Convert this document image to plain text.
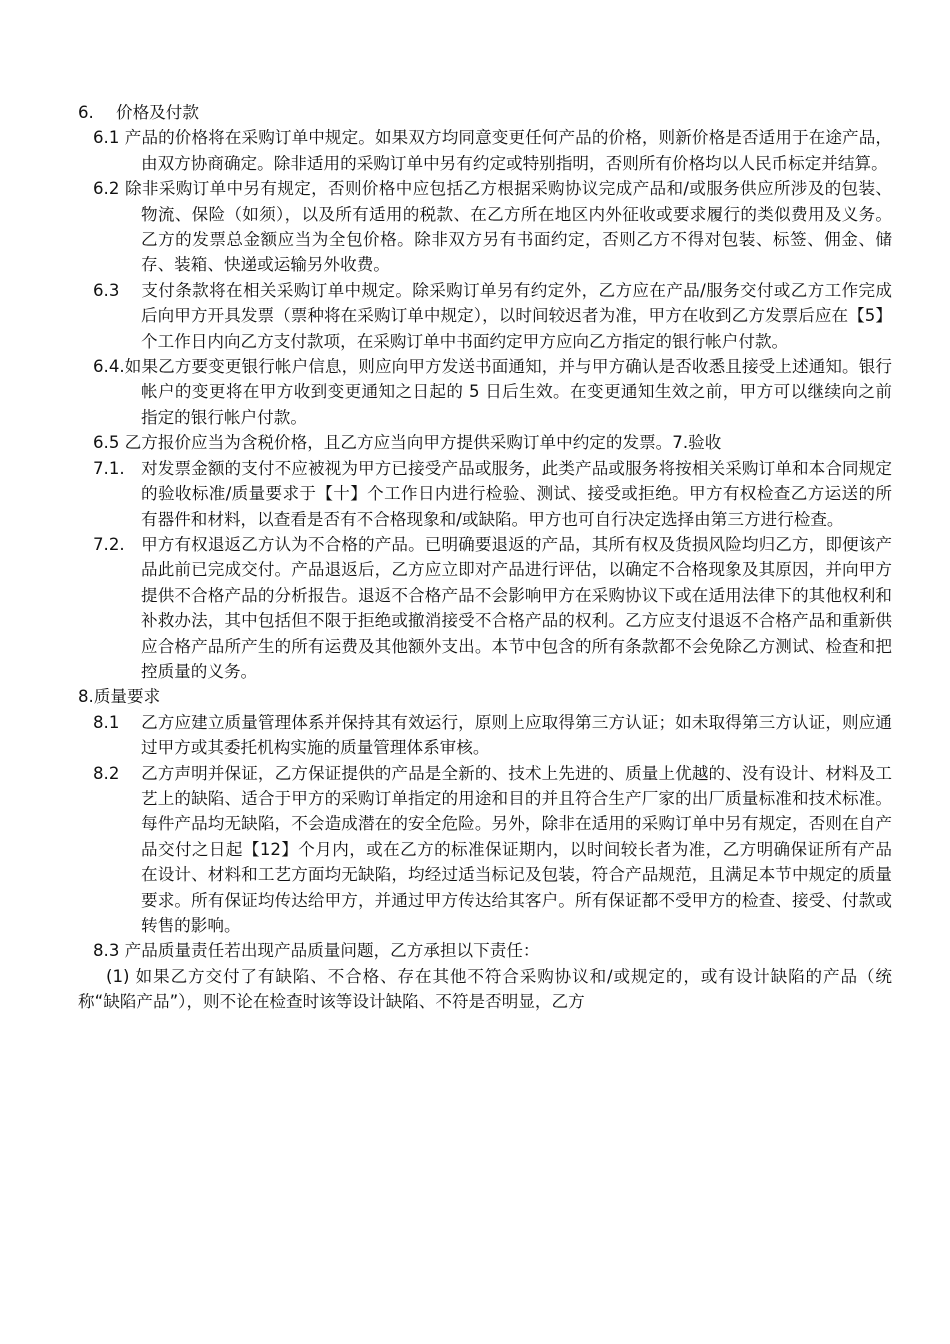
6.	价格及付款
6.1 产品的价格将在采购订单中规定。如果双方均同意变更任何产品的价格，则新价格是否适用于在途产品，由双方协商确定。除非适用的采购订单中另有约定或特别指明，否则所有价格均以人民币标定并结算。
6.2 除非采购订单中另有规定，否则价格中应包括乙方根据采购协议完成产品和/或服务供应所涉及的包装、物流、保险（如须），以及所有适用的税款、在乙方所在地区内外征收或要求履行的类似费用及义务。乙方的发票总金额应当为全包价格。除非双方另有书面约定，否则乙方不得对包装、标签、佣金、储存、装箱、快递或运输另外收费。
6.3 支付条款将在相关采购订单中规定。除采购订单另有约定外，乙方应在产品/服务交付或乙方工作完成后向甲方开具发票（票种将在采购订单中规定），以时间较迟者为准，甲方在收到乙方发票后应在【5】个工作日内向乙方支付款项，在采购订单中书面约定甲方应向乙方指定的银行帐户付款。
6.4.如果乙方要变更银行帐户信息，则应向甲方发送书面通知，并与甲方确认是否收悉且接受上述通知。银行帐户的变更将在甲方收到变更通知之日起的 5 日后生效。在变更通知生效之前，甲方可以继续向之前指定的银行帐户付款。
6.5 乙方报价应当为含税价格，且乙方应当向甲方提供采购订单中约定的发票。7.验收
7.1. 对发票金额的支付不应被视为甲方已接受产品或服务，此类产品或服务将按相关采购订单和本合同规定的验收标准/质量要求于【十】个工作日内进行检验、测试、接受或拒绝。甲方有权检查乙方运送的所有器件和材料，以查看是否有不合格现象和/或缺陷。甲方也可自行决定选择由第三方进行检查。
7.2. 甲方有权退返乙方认为不合格的产品。已明确要退返的产品，其所有权及货损风险均归乙方，即便该产品此前已完成交付。产品退返后，乙方应立即对产品进行评估，以确定不合格现象及其原因，并向甲方提供不合格产品的分析报告。退返不合格产品不会影响甲方在采购协议下或在适用法律下的其他权利和补救办法，其中包括但不限于拒绝或撤消接受不合格产品的权利。乙方应支付退返不合格产品和重新供应合格产品所产生的所有运费及其他额外支出。本节中包含的所有条款都不会免除乙方测试、检查和把控质量的义务。
8. 质量要求
8.1 乙方应建立质量管理体系并保持其有效运行，原则上应取得第三方认证；如未取得第三方认证，则应通过甲方或其委托机构实施的质量管理体系审核。
8.2 乙方声明并保证，乙方保证提供的产品是全新的、技术上先进的、质量上优越的、没有设计、材料及工艺上的缺陷、适合于甲方的采购订单指定的用途和目的并且符合生产厂家的出厂质量标准和技术标准。每件产品均无缺陷，不会造成潜在的安全危险。另外，除非在适用的采购订单中另有规定，否则在自产品交付之日起【12】个月内，或在乙方的标准保证期内，以时间较长者为准，乙方明确保证所有产品在设计、材料和工艺方面均无缺陷，均经过适当标记及包装，符合产品规范，且满足本节中规定的质量要求。所有保证均传达给甲方，并通过甲方传达给其客户。所有保证都不受甲方的检查、接受、付款或转售的影响。
8.3 产品质量责任若出现产品质量问题，乙方承担以下责任：
(1) 如果乙方交付了有缺陷、不合格、存在其他不符合采购协议和/或规定的，或有设计缺陷的产品（统称“缺陷产品”），则不论在检查时该等设计缺陷、不符是否明显，乙方
